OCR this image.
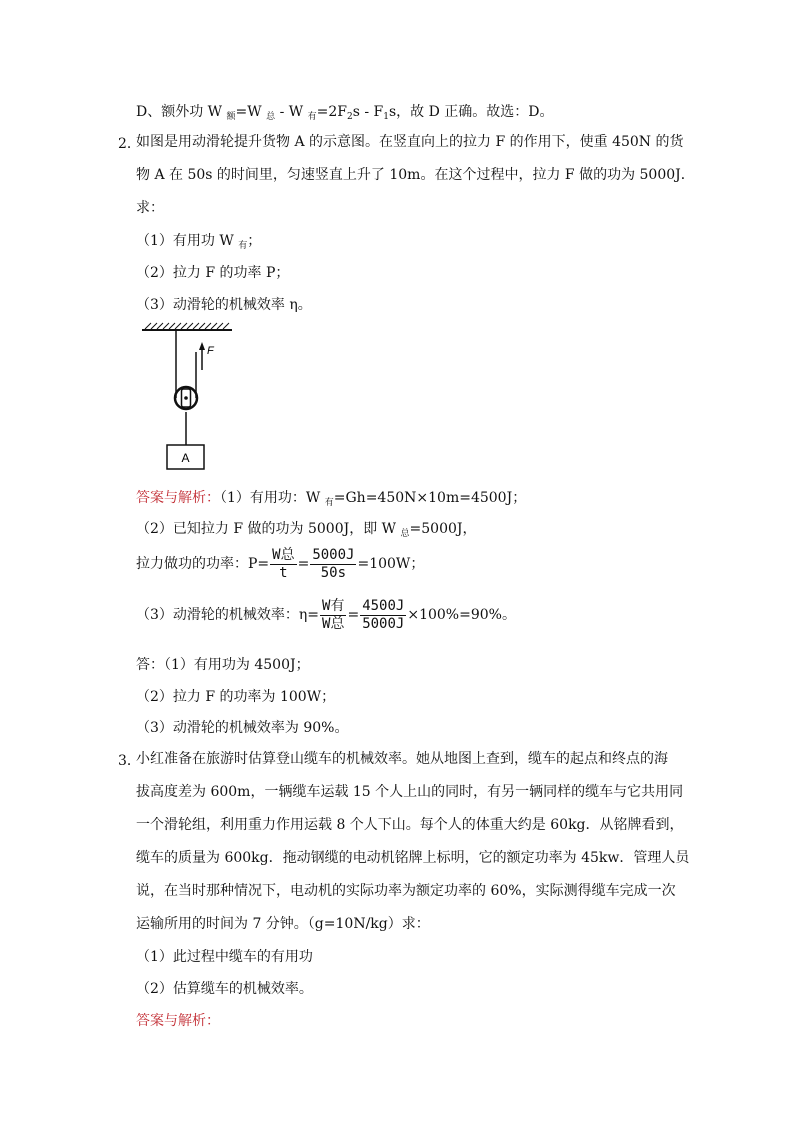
D、额外功 W $_额$=W $_总$ - W $_有=2F_2s - F_1s$，故 D 正确。故选：D。
2．
如图是用动滑轮提升货物 A 的示意图。在竖直向上的拉力 F 的作用下，使重 450N 的货
物 A 在 50s 的时间里，匀速竖直上升了 10m。在这个过程中，拉力 F 做的功为 5000J．
求：
（1）有用功 W $_有$；
（2）拉力 F 的功率 P；
（3）动滑轮的机械效率 η。
F
A
答案与解析：（1）有用功：W $_有$=Gh=450N×10m=4500J；
（2）已知拉力 F 做的功为 5000J，即 W $_总$=5000J，
拉力做功的功率：$P= \frac{\text{W总}}{t} = \frac{5000J}{50s} =100W$；
（3）动滑轮的机械效率：$\eta= \frac{\text{W有}}{\text{W总}} = \frac{4500J}{5000J} \times 100\%=90\%$。
答：（1）有用功为 4500J；
（2）拉力 F 的功率为 100W；
（3）动滑轮的机械效率为 90%。
3．
小红准备在旅游时估算登山缆车的机械效率。她从地图上查到，缆车的起点和终点的海
拔高度差为 600m，一辆缆车运载 15 个人上山的同时，有另一辆同样的缆车与它共用同
一个滑轮组，利用重力作用运载 8 个人下山。每个人的体重大约是 60kg．从铭牌看到，
缆车的质量为 600kg．拖动钢缆的电动机铭牌上标明，它的额定功率为 45kw．管理人员
说，在当时那种情况下，电动机的实际功率为额定功率的 60%，实际测得缆车完成一次
运输所用的时间为 7 分钟。（g=10N/kg）求：
（1）此过程中缆车的有用功
（2）估算缆车的机械效率。
答案与解析：
